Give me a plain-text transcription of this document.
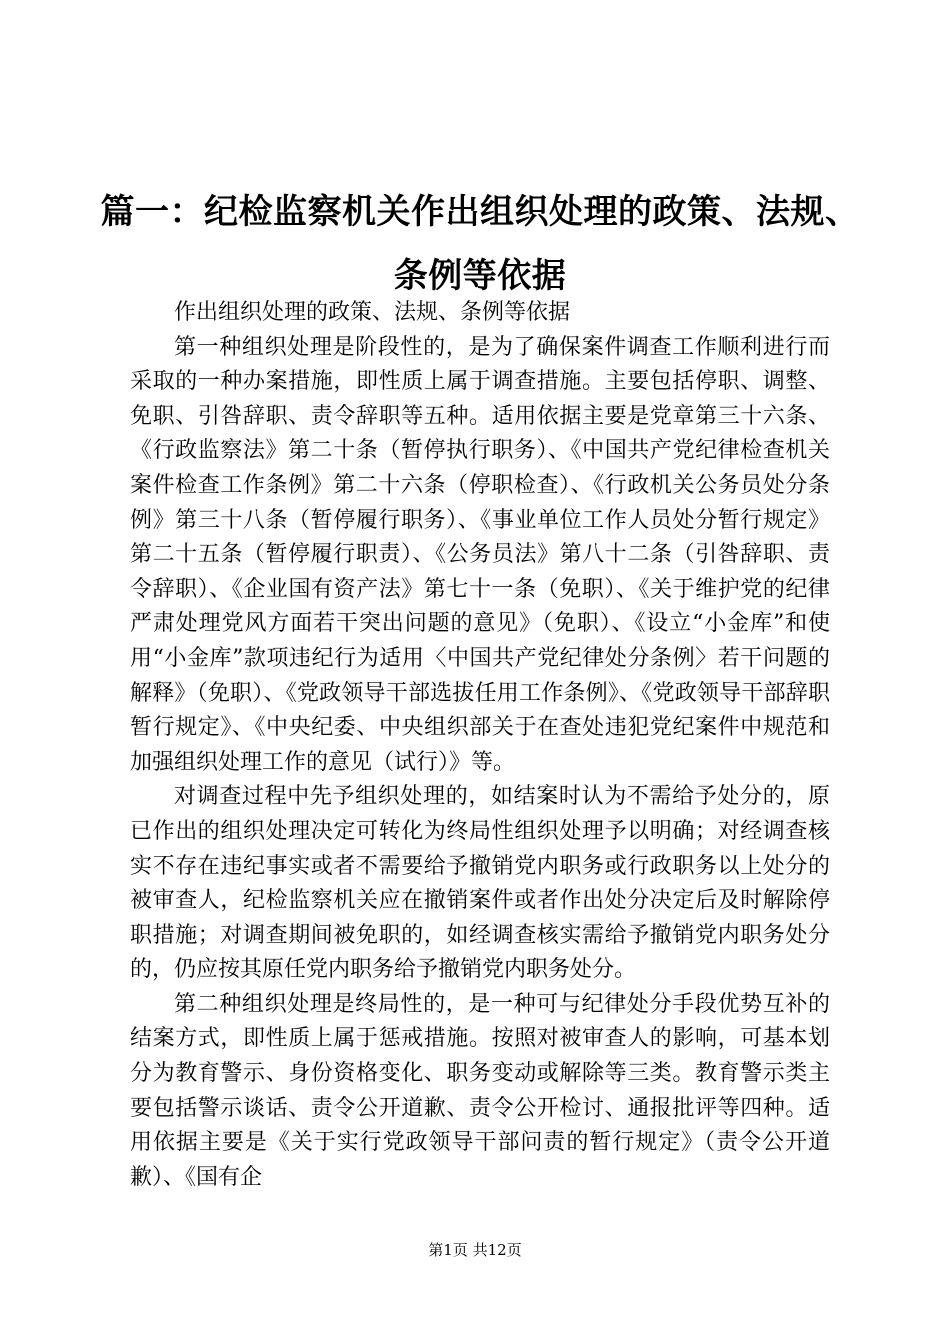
篇一：纪检监察机关作出组织处理的政策、法规、条例等依据

作出组织处理的政策、法规、条例等依据

第一种组织处理是阶段性的，是为了确保案件调查工作顺利进行而采取的一种办案措施，即性质上属于调查措施。主要包括停职、调整、免职、引咎辞职、责令辞职等五种。适用依据主要是党章第三十六条、《行政监察法》第二十条（暂停执行职务）、《中国共产党纪律检查机关案件检查工作条例》第二十六条（停职检查）、《行政机关公务员处分条例》第三十八条（暂停履行职务）、《事业单位工作人员处分暂行规定》第二十五条（暂停履行职责）、《公务员法》第八十二条（引咎辞职、责令辞职）、《企业国有资产法》第七十一条（免职）、《关于维护党的纪律严肃处理党风方面若干突出问题的意见》（免职）、《设立“小金库”和使用“小金库”款项违纪行为适用〈中国共产党纪律处分条例〉若干问题的解释》（免职）、《党政领导干部选拔任用工作条例》、《党政领导干部辞职暂行规定》、《中央纪委、中央组织部关于在查处违犯党纪案件中规范和加强组织处理工作的意见（试行）》等。

对调查过程中先予组织处理的，如结案时认为不需给予处分的，原已作出的组织处理决定可转化为终局性组织处理予以明确；对经调查核实不存在违纪事实或者不需要给予撤销党内职务或行政职务以上处分的被审查人，纪检监察机关应在撤销案件或者作出处分决定后及时解除停职措施；对调查期间被免职的，如经调查核实需给予撤销党内职务处分的，仍应按其原任党内职务给予撤销党内职务处分。

第二种组织处理是终局性的，是一种可与纪律处分手段优势互补的结案方式，即性质上属于惩戒措施。按照对被审查人的影响，可基本划分为教育警示、身份资格变化、职务变动或解除等三类。教育警示类主要包括警示谈话、责令公开道歉、责令公开检讨、通报批评等四种。适用依据主要是《关于实行党政领导干部问责的暂行规定》（责令公开道歉）、《国有企

第1页 共12页
